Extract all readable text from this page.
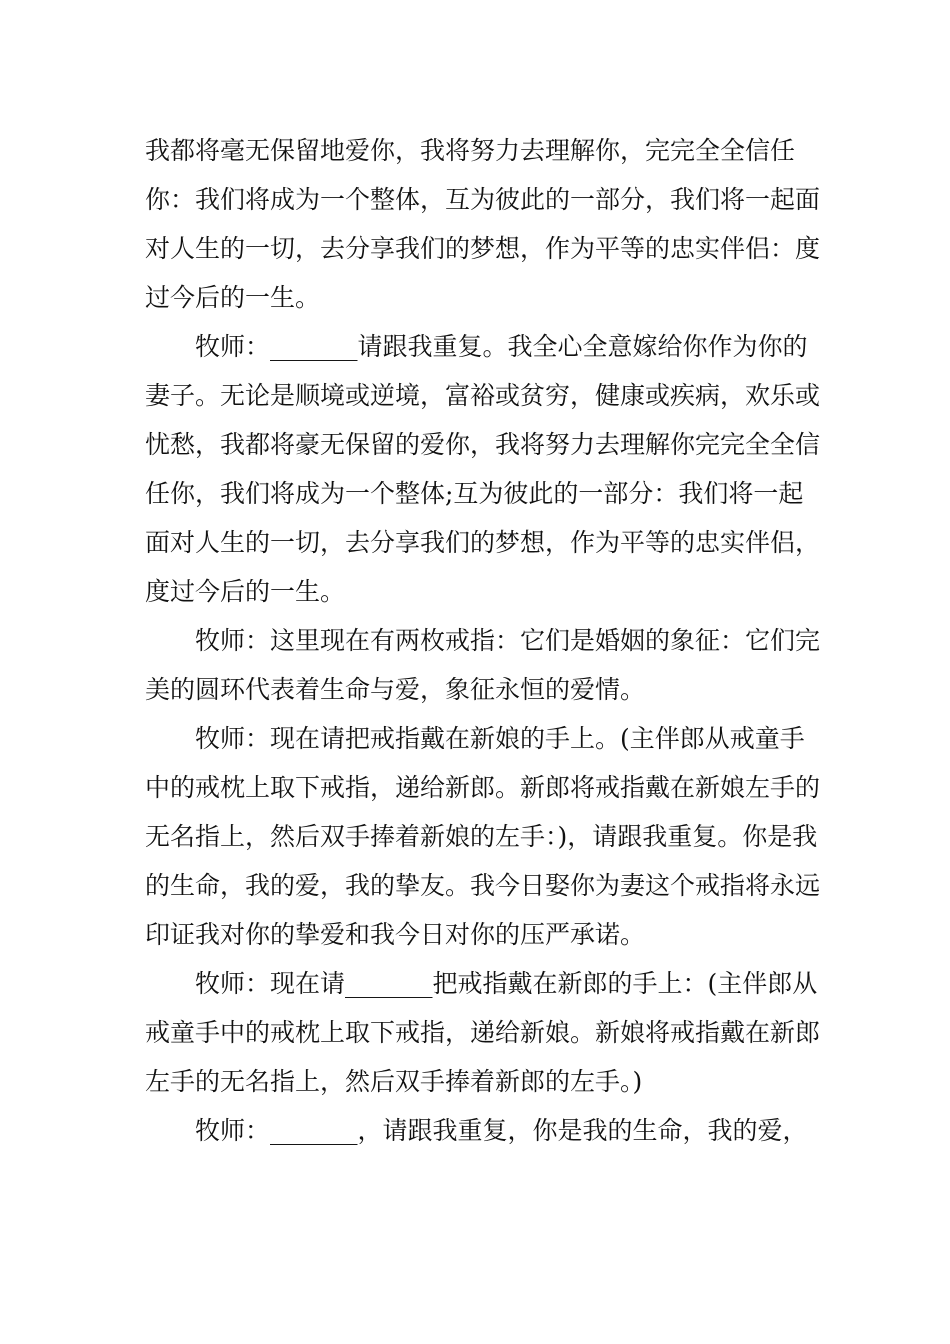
我都将毫无保留地爱你，我将努力去理解你，完完全全信任你：我们将成为一个整体，互为彼此的一部分，我们将一起面对人生的一切，去分享我们的梦想，作为平等的忠实伴侣：度过今后的一生。

牧师：_______请跟我重复。我全心全意嫁给你作为你的妻子。无论是顺境或逆境，富裕或贫穷，健康或疾病，欢乐或忧愁，我都将豪无保留的爱你，我将努力去理解你完完全全信任你，我们将成为一个整体;互为彼此的一部分：我们将一起面对人生的一切，去分享我们的梦想，作为平等的忠实伴侣，度过今后的一生。

牧师：这里现在有两枚戒指：它们是婚姻的象征：它们完美的圆环代表着生命与爱，象征永恒的爱情。

牧师：现在请把戒指戴在新娘的手上。(主伴郎从戒童手中的戒枕上取下戒指，递给新郎。新郎将戒指戴在新娘左手的无名指上，然后双手捧着新娘的左手：)，请跟我重复。你是我的生命，我的爱，我的挚友。我今日娶你为妻这个戒指将永远印证我对你的挚爱和我今日对你的压严承诺。

牧师：现在请_______把戒指戴在新郎的手上：(主伴郎从戒童手中的戒枕上取下戒指，递给新娘。新娘将戒指戴在新郎左手的无名指上，然后双手捧着新郎的左手。)

牧师：_______，请跟我重复，你是我的生命，我的爱，
